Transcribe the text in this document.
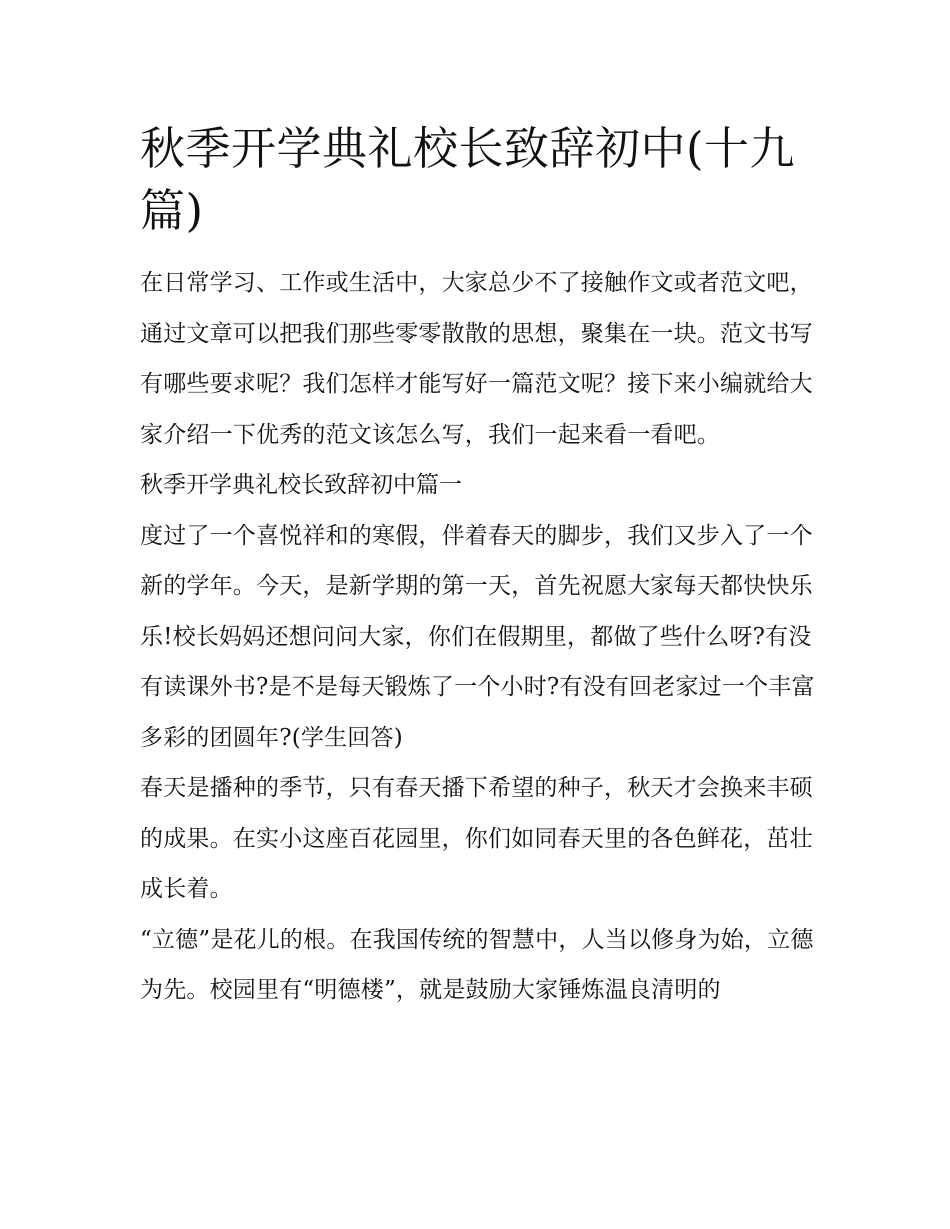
秋季开学典礼校长致辞初中(十九篇)

在日常学习、工作或生活中，大家总少不了接触作文或者范文吧，通过文章可以把我们那些零零散散的思想，聚集在一块。范文书写有哪些要求呢？我们怎样才能写好一篇范文呢？接下来小编就给大家介绍一下优秀的范文该怎么写，我们一起来看一看吧。

秋季开学典礼校长致辞初中篇一

度过了一个喜悦祥和的寒假，伴着春天的脚步，我们又步入了一个新的学年。今天，是新学期的第一天，首先祝愿大家每天都快快乐乐!校长妈妈还想问问大家，你们在假期里，都做了些什么呀?有没有读课外书?是不是每天锻炼了一个小时?有没有回老家过一个丰富多彩的团圆年?(学生回答)

春天是播种的季节，只有春天播下希望的种子，秋天才会换来丰硕的成果。在实小这座百花园里，你们如同春天里的各色鲜花，茁壮成长着。

“立德”是花儿的根。在我国传统的智慧中，人当以修身为始，立德为先。校园里有“明德楼”，就是鼓励大家锤炼温良清明的
